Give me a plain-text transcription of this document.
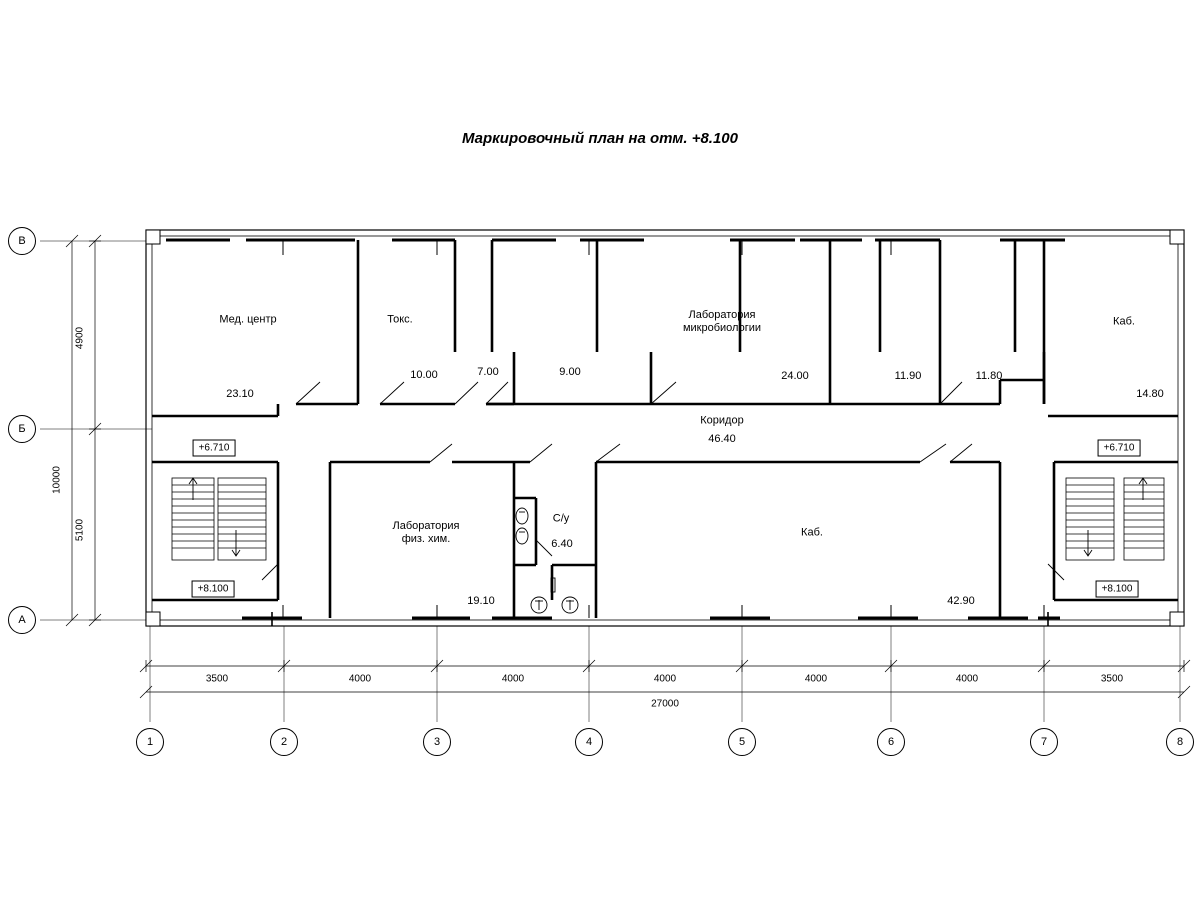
Маркировочный план на отм. +8.100
Мед. центр
23.10
Токс.
10.00	7.00	9.00
Лаборатория
микробиологии
24.00	11.90	11.80
Каб.
14.80
Коридор
46.40
Лаборатория
физ. хим.
19.10
С/у
6.40
Каб.
42.90
+6.710
+8.100
+6.710
+8.100
1	2	3	4	5	6	7	8
В
Б
А
3500	4000	4000	4000	4000	4000	3500
27000
4900
5100
10000
